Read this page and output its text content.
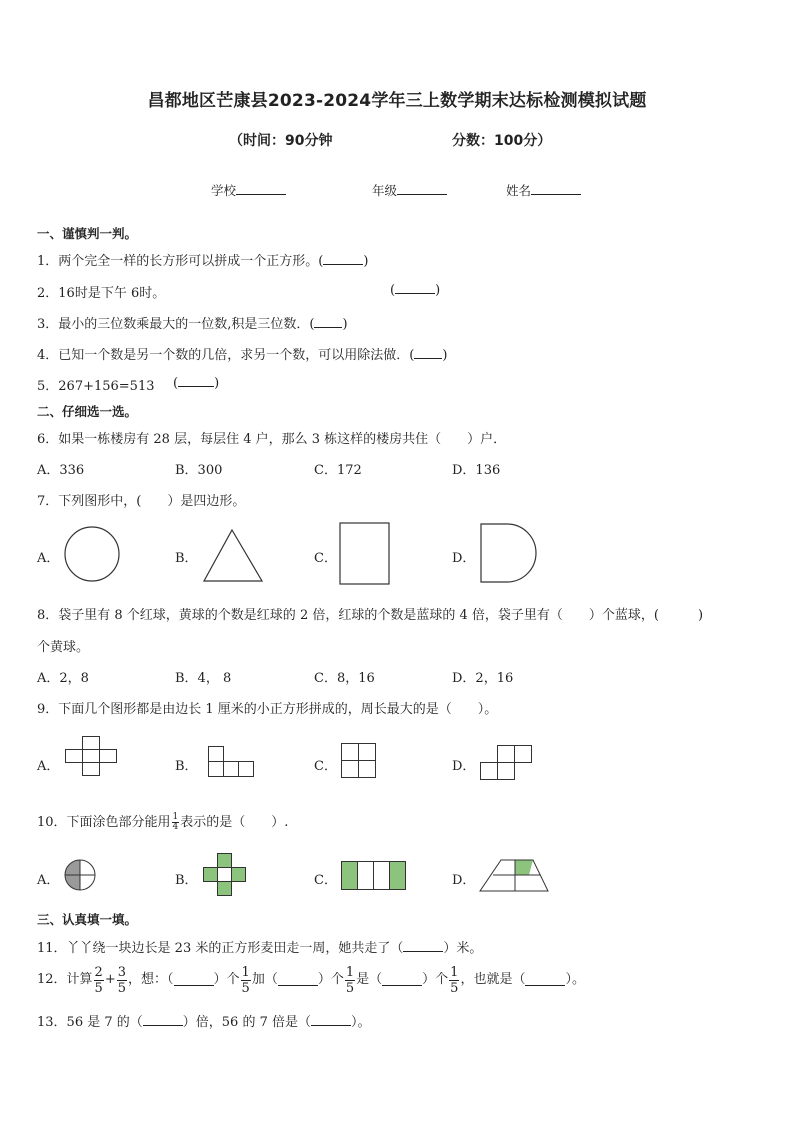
昌都地区芒康县2023-2024学年三上数学期末达标检测模拟试题
（时间：90分钟	分数：100分）
学校	年级	姓名
一、谨慎判一判。
1．两个完全一样的长方形可以拼成一个正方形。(	)
2．16时是下午 6时。	(	)
3．最小的三位数乘最大的一位数,积是三位数．( )
4．已知一个数是另一个数的几倍，求另一个数，可以用除法做．( )
5．267+156=513 (	)
二、仔细选一选。
6．如果一栋楼房有 28 层，每层住 4 户，那么 3 栋这样的楼房共住（　　）户．
A．336	B．300	C．172	D．136
7．下列图形中，(　　）是四边形。
A．	B．	C．	D．
8．袋子里有 8 个红球，黄球的个数是红球的 2 倍，红球的个数是蓝球的 4 倍，袋子里有（　　）个蓝球，(　　　)
个黄球。
A．2，8	B．4， 8	C．8，16	D．2，16
9．下面几个图形都是由边长 1 厘米的小正方形拼成的，周长最大的是（　　）。
A．	B．	C．	D．
10．下面涂色部分能用 $\frac{1}{4}$ 表示的是（　　）.
A．	B．	C．	D．
三、认真填一填。
11．丫丫绕一块边长是 23 米的正方形麦田走一周，她共走了（	）米。
12．计算 $\frac{2}{5} + \frac{3}{5}$ ，想：（	）个 $\frac{1}{5}$ 加（	）个 $\frac{1}{5}$ 是（	）个 $\frac{1}{5}$ ，也就是（	）。
13．56 是 7 的（	）倍，56 的 7 倍是（	）。
